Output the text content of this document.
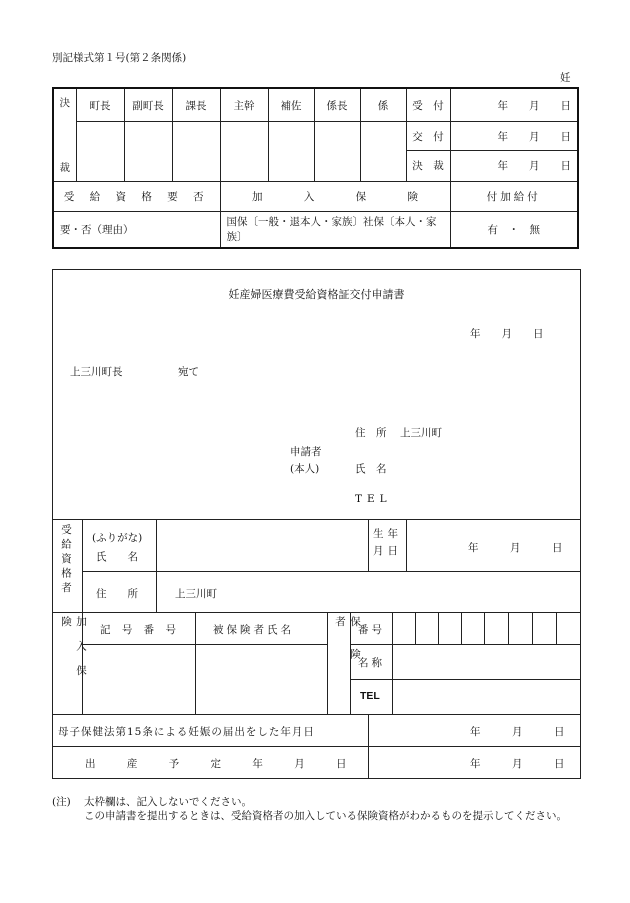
別記様式第１号(第２条関係)
妊
決
裁	町長	副町長	課長	主幹	補佐	係長	係	受　付	年　　月　　日
								交　付	年　　月　　日
								決　裁	年　　月　　日
受 給 資 格 要 否				加 入 保 険					付加給付
要・否（理由）				国保〔一般・退本人・家族〕社保〔本人・家族〕					有　・　無
妊産婦医療費受給資格証交付申請書
年　　月　　日
上三川町長	宛て
住　所 上三川町
申請者
(本人)	氏　名
TEL
受給資格者 (ふりがな)
氏　　名
生年月日	年　　　月　　　日
住　　所	上三川町
加入保険	記 号 番 号	被保険者氏名	保険者	番号
名称
TEL
母子保健法第15条による妊娠の届出をした年月日	年　　　月　　　日
出 産 予 定 年 月 日	年　　　月　　　日
(注) 太枠欄は、記入しないでください。
この申請書を提出するときは、受給資格者の加入している保険資格がわかるものを提示してください。
